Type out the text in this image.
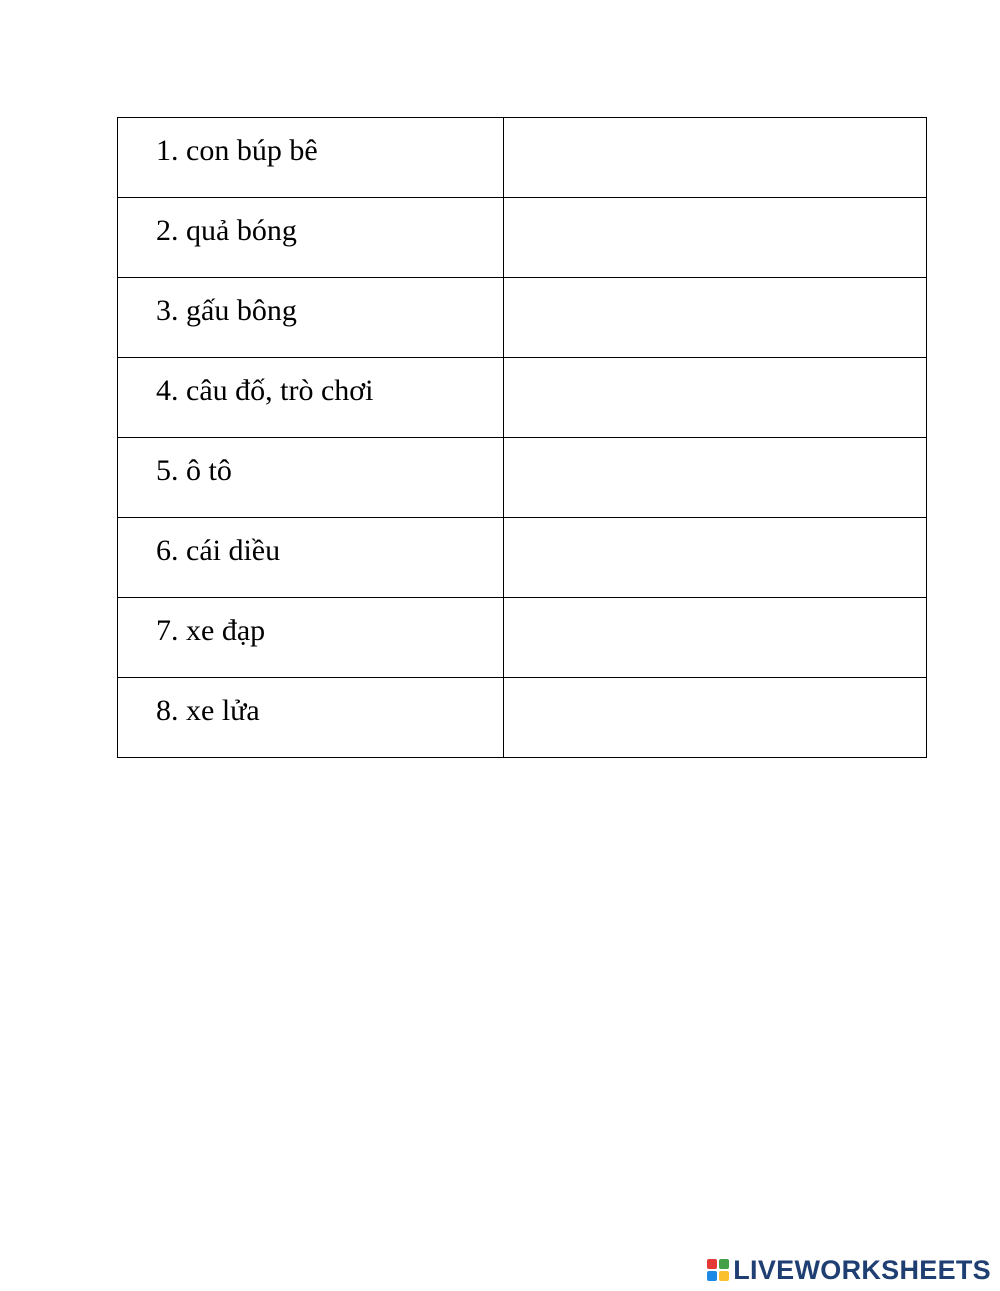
1. con búp bê	

2. quả bóng	

3. gấu bông	

4. câu đố, trò chơi	

5. ô tô	

6. cái diều	

7. xe đạp	

8. xe lửa	

LIVEWORKSHEETS
